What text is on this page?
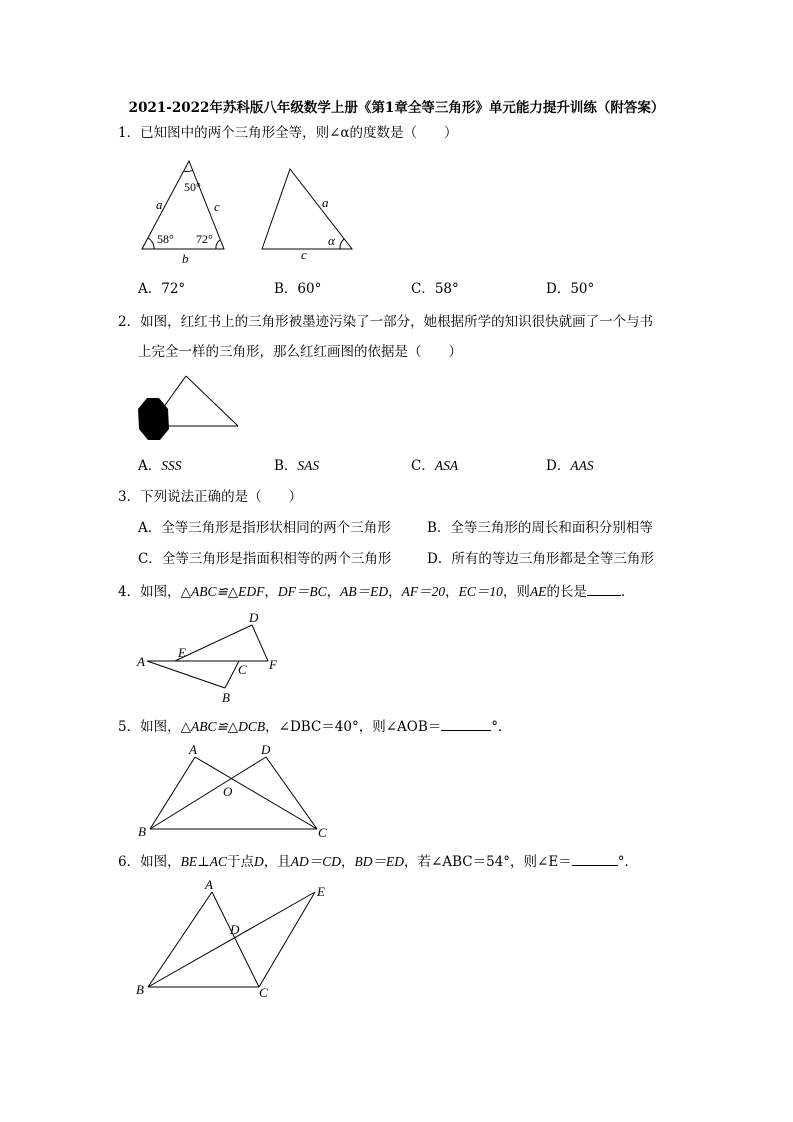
2021-2022年苏科版八年级数学上册《第1章全等三角形》单元能力提升训练（附答案）
1．已知图中的两个三角形全等，则∠α的度数是（　　）
50°
58° 72°
a	c
b
a
c
α
A．72°	B．60°	C．58°	D．50°
2．如图，红红书上的三角形被墨迹污染了一部分，她根据所学的知识很快就画了一个与书
上完全一样的三角形，那么红红画图的依据是（　　）
A．SSS	B．SAS	C．ASA	D．AAS
3．下列说法正确的是（　　）
A．全等三角形是指形状相同的两个三角形	B．全等三角形的周长和面积分别相等
C．全等三角形是指面积相等的两个三角形	D．所有的等边三角形都是全等三角形
4．如图，△ABC≌△EDF，DF＝BC，AB＝ED，AF＝20，EC＝10，则AE的长是	．
A
E
C F
D
B
5．如图，△ABC≌△DCB，∠DBC＝40°，则∠AOB＝	°．
A	D
O
B	C
6．如图，BE⊥AC于点D，且AD＝CD，BD＝ED，若∠ABC＝54°，则∠E＝	°．
A	E
D
B	C
